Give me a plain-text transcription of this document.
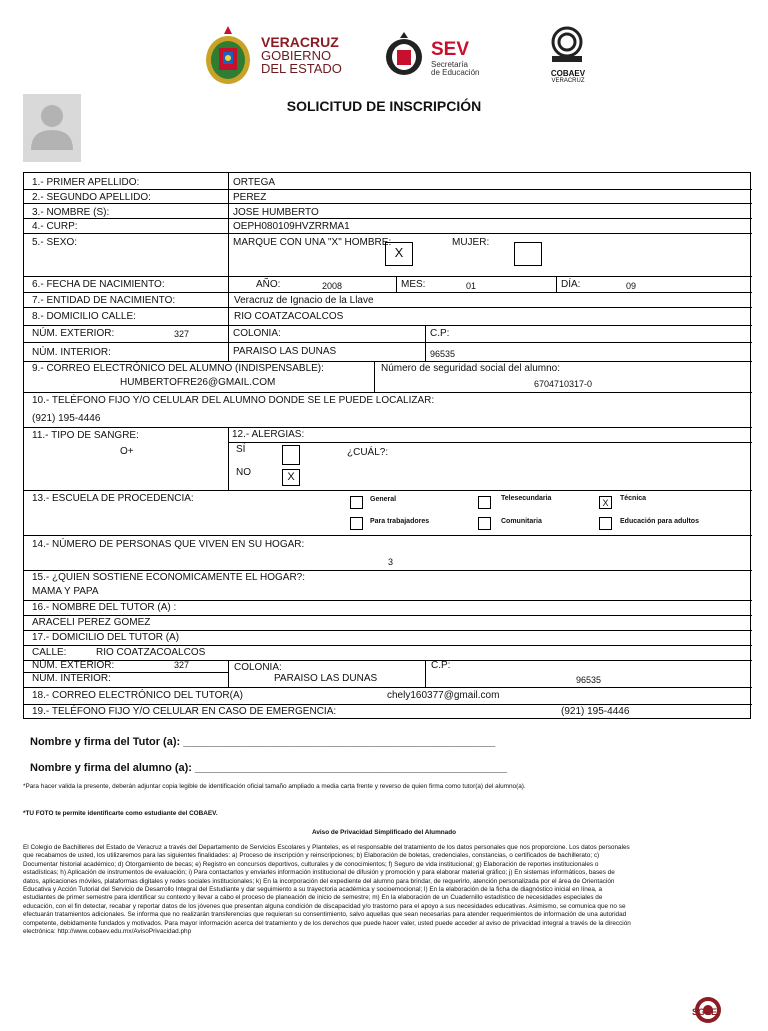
VERACRUZ
GOBIERNO
DEL ESTADO
SEV
Secretaría
de Educación	COBAEV
VERACRUZ
SOLICITUD DE INSCRIPCIÓN
1.- PRIMER APELLIDO:	ORTEGA
2.- SEGUNDO APELLIDO:	PEREZ
3.- NOMBRE (S):	JOSE HUMBERTO
4.- CURP:	OEPH080109HVZRRMA1
5.- SEXO:	MARQUE CON UNA "X" HOMBRE:
X
MUJER:
6.- FECHA DE NACIMIENTO:	AÑO:	2008	MES:	01	DÍA:	09
7.- ENTIDAD DE NACIMIENTO:	Veracruz de Ignacio de la Llave
8.- DOMICILIO CALLE:	RIO COATZACOALCOS
NÚM. EXTERIOR:	327	COLONIA:	C.P:
NÚM. INTERIOR:	PARAISO LAS DUNAS	96535
9.- CORREO ELECTRÓNICO DEL ALUMNO (INDISPENSABLE):
HUMBERTOFRE26@GMAIL.COM
Número de seguridad social del alumno:
6704710317-0
10.- TELÉFONO FIJO Y/O CELULAR DEL ALUMNO DONDE SE LE PUEDE LOCALIZAR:
(921) 195-4446
11.- TIPO DE SANGRE:
O+
12.- ALERGIAS:
SÍ	¿CUÁL?:
NO	X
13.- ESCUELA DE PROCEDENCIA:	General	Telesecundaria	X	Técnica
Para trabajadores	Comunitaria	Educación para adultos
14.- NÚMERO DE PERSONAS QUE VIVEN EN SU HOGAR:
3
15.- ¿QUIEN SOSTIENE ECONOMICAMENTE EL HOGAR?:
MAMA Y PAPA
16.- NOMBRE DEL TUTOR (A) :
ARACELI PEREZ GOMEZ
17.- DOMICILIO DEL TUTOR (A)
CALLE:	RIO COATZACOALCOS
NÚM. EXTERIOR:	327	COLONIA:	C.P:
NÚM. INTERIOR:	PARAISO LAS DUNAS	96535
18.- CORREO ELECTRÓNICO DEL TUTOR(A)	chely160377@gmail.com
19.- TELÉFONO FIJO Y/O CELULAR EN CASO DE EMERGENCIA:	(921) 195-4446
Nombre y firma del Tutor (a): ___________________________________________________
Nombre y firma del alumno (a): ___________________________________________________
*Para hacer valida la presente, deberán adjuntar copia legible de identificación oficial tamaño ampliado a media carta frente y reverso de quien firma como tutor(a) del alumno(a).
*TU FOTO te permite identificarte como estudiante del COBAEV.
Aviso de Privacidad Simplificado del Alumnado
El Colegio de Bachilleres del Estado de Veracruz a través del Departamento de Servicios Escolares y Planteles, es el responsable del tratamiento de los datos personales que nos proporcione. Los datos personales
que recabamos de usted, los utilizaremos para las siguientes finalidades: a) Proceso de inscripción y reinscripciones; b) Elaboración de boletas, credenciales, constancias, o certificados de bachillerato; c)
Documentar historial académico; d) Otorgamiento de becas; e) Registro en concursos deportivos, culturales y de conocimientos; f) Seguro de vida institucional; g) Elaboración de reportes institucionales o
estadísticas; h) Aplicación de instrumentos de evaluación; i) Para contactarlos y enviarles información institucional de difusión y promoción y para elaborar material gráfico; j) En sistemas informáticos, bases de
datos, aplicaciones móviles, plataformas digitales y redes sociales institucionales; k) En la incorporación del expediente del alumno para brindar, de requerirlo, atención personalizada por el área de Orientación
Educativa y Acción Tutorial del Servicio de Desarrollo Integral del Estudiante y dar seguimiento a su trayectoria académica y socioemocional; l) En la elaboración de la ficha de diagnóstico inicial en línea, a
estudiantes de primer semestre para identificar su contexto y llevar a cabo el proceso de planeación de inicio de semestre; m) En la elaboración de un Cuadernillo estadístico de necesidades especiales de
educación, con el fin detectar, recabar y reportar datos de los jóvenes que presentan alguna condición de discapacidad y/o trastorno para el apoyo a sus necesidades educativas. Asimismo, se comunica que no se
efectuarán tratamientos adicionales. Se informa que no realizarán transferencias que requieran su consentimiento, salvo aquellas que sean necesarias para atender requerimientos de información de una autoridad
competente, debidamente fundados y motivados. Para mayor información acerca del tratamiento y de los derechos que puede hacer valer, usted puede acceder al aviso de privacidad integral a través de la dirección
electrónica: http://www.cobaev.edu.mx/AvisoPrivacidad.php
SGEE
